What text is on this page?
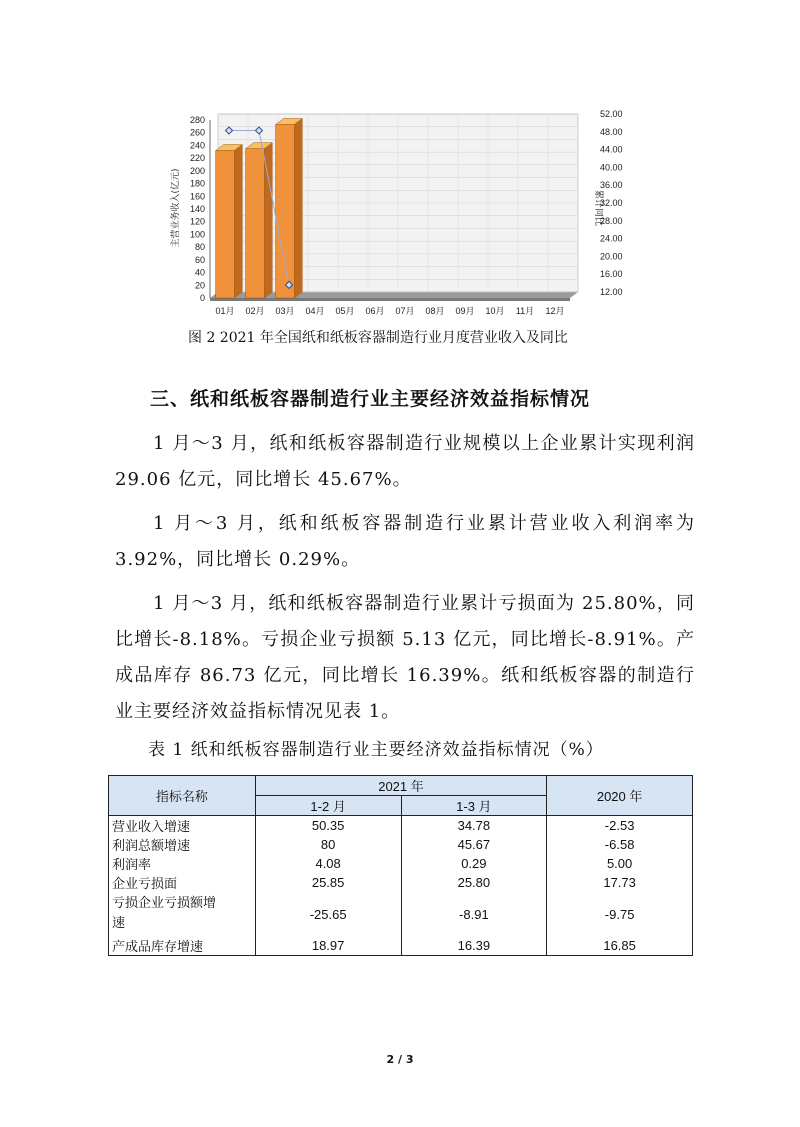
0
20
40
60
80
100
120
140
160
180
200
220
240
260
280
12.00
16.00
20.00
24.00
28.00
32.00
36.00
40.00
44.00
48.00
52.00
主营业务收入(亿元)	累计同比
01月 02月 03月 04月 05月 06月 07月 08月 09月 10月 11月 12月
图 2 2021 年全国纸和纸板容器制造行业月度营业收入及同比
三、纸和纸板容器制造行业主要经济效益指标情况

1 月～3 月，纸和纸板容器制造行业规模以上企业累计实现利润 29.06 亿元，同比增长 45.67%。

1 月～3 月，纸和纸板容器制造行业累计营业收入利润率为 3.92%，同比增长 0.29%。

1 月～3 月，纸和纸板容器制造行业累计亏损面为 25.80%，同比增长-8.18%。亏损企业亏损额 5.13 亿元，同比增长-8.91%。产成品库存 86.73 亿元，同比增长 16.39%。纸和纸板容器的制造行业主要经济效益指标情况见表 1。

表 1 纸和纸板容器制造行业主要经济效益指标情况（%）
指标名称	2021 年		2020 年
	1-2 月	1-3 月	
营业收入增速	50.35	34.78	-2.53
利润总额增速	80	45.67	-6.58
利润率	4.08	0.29	5.00
企业亏损面	25.85	25.80	17.73
亏损企业亏损额增速	-25.65	-8.91	-9.75
产成品库存增速	18.97	16.39	16.85
2 / 3
